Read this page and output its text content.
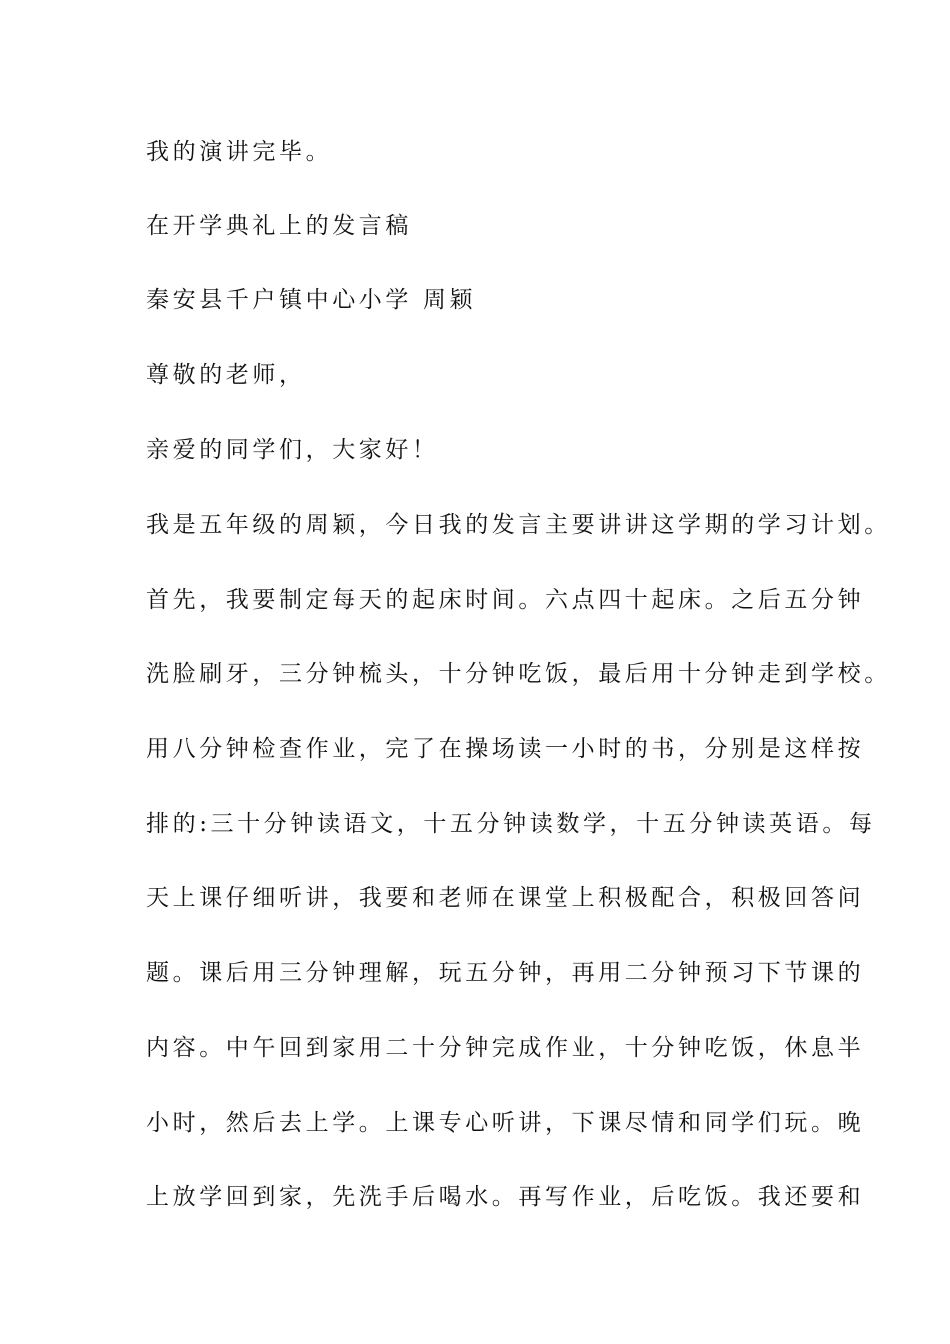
我的演讲完毕。
在开学典礼上的发言稿
秦安县千户镇中心小学 周颖
尊敬的老师，
亲爱的同学们，大家好！
我是五年级的周颖，今日我的发言主要讲讲这学期的学习计划。
首先，我要制定每天的起床时间。六点四十起床。之后五分钟
洗脸刷牙，三分钟梳头，十分钟吃饭，最后用十分钟走到学校。
用八分钟检查作业，完了在操场读一小时的书，分别是这样按
排的:三十分钟读语文，十五分钟读数学，十五分钟读英语。每
天上课仔细听讲，我要和老师在课堂上积极配合，积极回答问
题。课后用三分钟理解，玩五分钟，再用二分钟预习下节课的
内容。中午回到家用二十分钟完成作业，十分钟吃饭，休息半
小时，然后去上学。上课专心听讲，下课尽情和同学们玩。晚
上放学回到家，先洗手后喝水。再写作业，后吃饭。我还要和
